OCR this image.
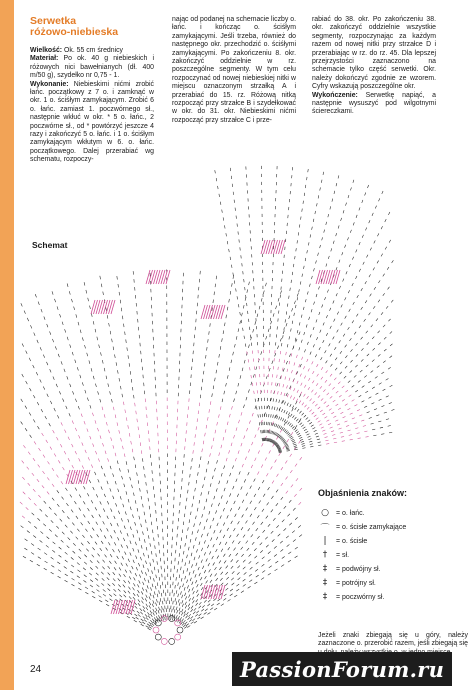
Serwetka
różowo-niebieska

Wielkość: Ok. 55 cm średnicy

Materiał: Po ok. 40 g niebieskich i różowych nici bawełnianych (dł. 400 m/50 g), szydełko nr 0,75 - 1.

Wykonanie: Niebieskimi nićmi zrobić łańc. początkowy z 7 o. i zamknąć w okr. 1 o. ściśłym zamykającym. Zrobić 6 o. łańc. zamiast 1. poczwórnego sł., następnie wkłuć w okr. * 5 o. łańc., 2 poczwórne sł., od * powtórzyć jeszcze 4 razy i zakończyć 5 o. łańc. i 1 o. ściśłym zamykającym wkłutym w 6. o. łańc. początkowego. Dalej przerabiać wg schematu, rozpoczy-

nając od podanej na schemacie liczby o. łańc. i kończąc o. ściśłym zamykającymi. Jeśli trzeba, również do następnego okr. przechodzić o. ściśłymi zamykającymi. Po zakończeniu 8. okr. zakończyć oddzielnie w rz. poszczególne segmenty. W tym celu rozpoczynać od nowej niebieskiej nitki w miejscu oznaczonym strzałką A i przerabiać do 15. rz. Różową nitką rozpocząć przy strzałce B i szydełkować w okr. do 31. okr. Niebieskimi nićmi rozpocząć przy strzałce C i prze-

rabiać do 38. okr. Po zakończeniu 38. okr. zakończyć oddzielnie wszystkie segmenty, rozpoczynając za każdym razem od nowej nitki przy strzałce D i przerabiając w rz. do rz. 45. Dla lepszej przejrzystości zaznaczono na schemacie tylko część serwetki. Okr. należy dokończyć zgodnie ze wzorem. Cyfry wskazują poszczególne okr.

Wykończenie: Serwetkę napiąć, a następnie wysuszyć pod wilgotnymi ściereczkami.

Schemat
Objaśnienia znaków:
○	= o. łańc.
⌒ = o. ścisłe zamykające
|	= o. ścisłe
†	= sł.
‡	= podwójny sł.
‡	= potrójny sł.
‡	= poczwórny sł.
Jeżeli znaki zbiegają się u góry, należy zaznaczone o. przerobić razem, jeśli zbiegają się
24	PassionForum.ru
